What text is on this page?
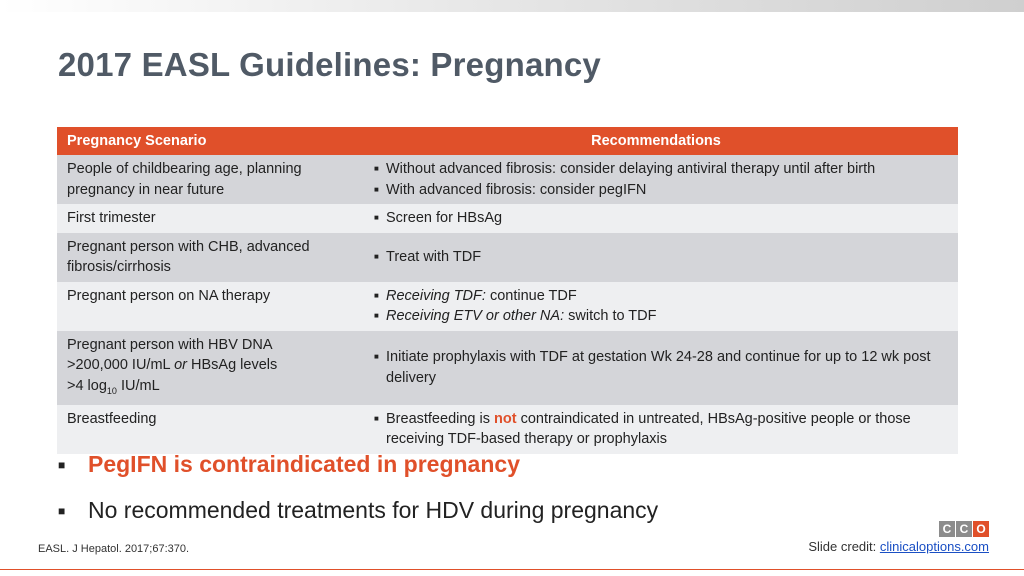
2017 EASL Guidelines: Pregnancy
Pregnancy Scenario	Recommendations
People of childbearing age, planning pregnancy in near future	■ Without advanced fibrosis: consider delaying antiviral therapy until after birth
■ With advanced fibrosis: consider pegIFN

First trimester	■ Screen for HBsAg

Pregnant person with CHB, advanced fibrosis/cirrhosis	■ Treat with TDF

Pregnant person on NA therapy	■ Receiving TDF: continue TDF
■ Receiving ETV or other NA: switch to TDF

Pregnant person with HBV DNA
>200,000 IU/mL or HBsAg levels
>4 $\log_{10} IU/mL$	■ Initiate prophylaxis with TDF at gestation Wk 24-28 and continue for up to 12 wk post delivery

Breastfeeding	■ Breastfeeding is not contraindicated in untreated, HBsAg-positive people or those receiving TDF-based therapy or prophylaxis
■ PegIFN is contraindicated in pregnancy
■ No recommended treatments for HDV during pregnancy
EASL. J Hepatol. 2017;67:370.
C C O
Slide credit: clinicaloptions.com
